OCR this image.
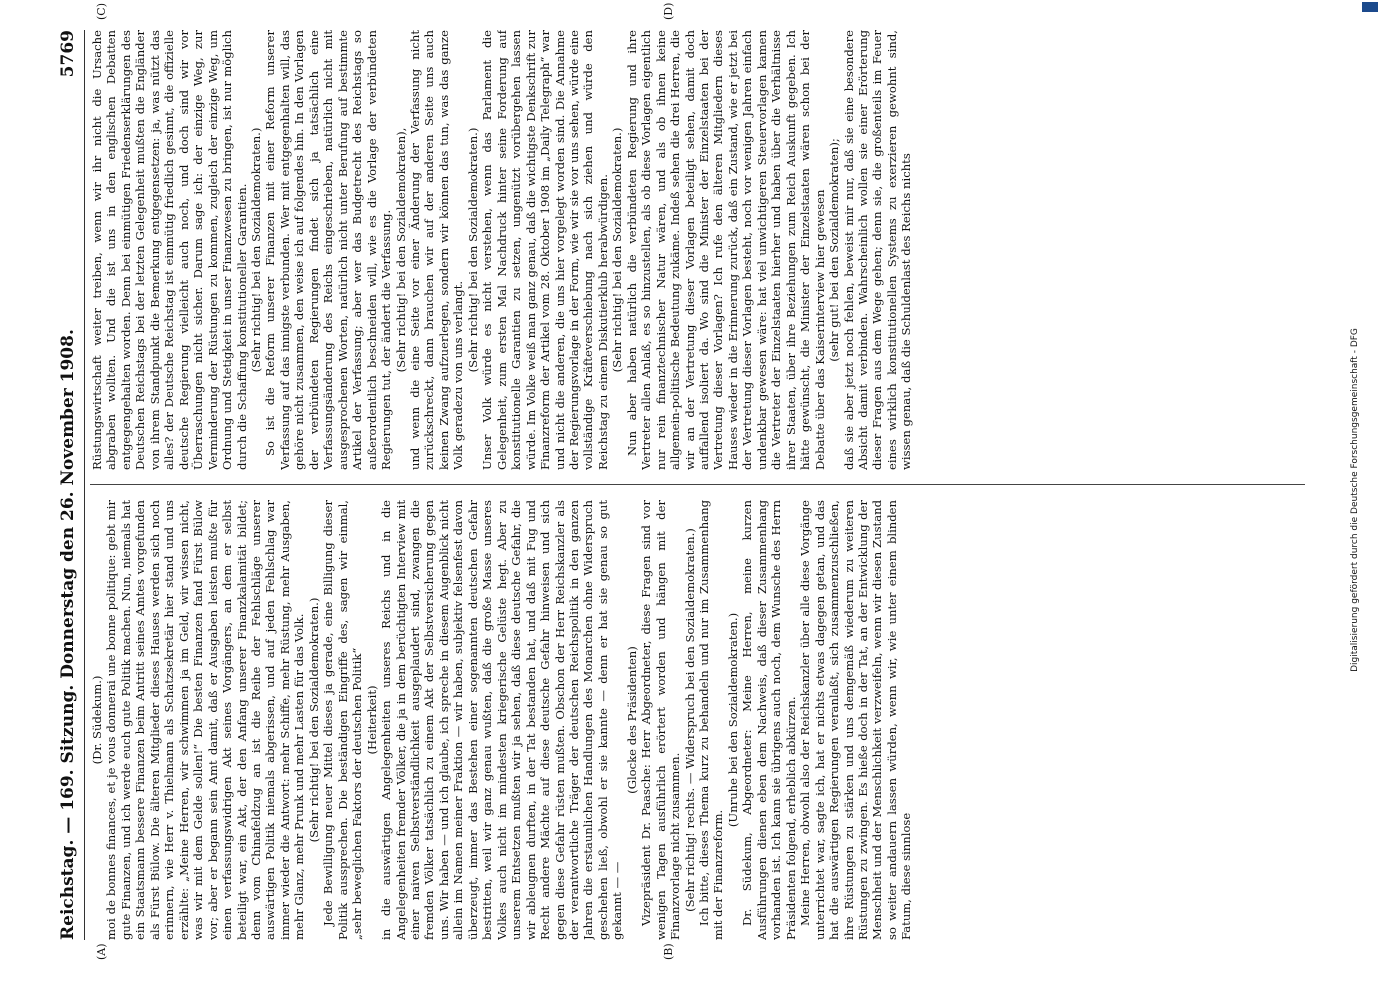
Reichstag. — 169. Sitzung. Donnerstag den 26. November 1908.
5769
(A)	(B)
(C)	(D)

(Dr. Südekum.) moi de bonnes finances, et je vous donnerai une bonne politique: gebt mir gute Finanzen, und ich werde euch gute Politik machen. Nun, niemals hat ein Staatsmann bessere Finanzen beim Antritt seines Amtes vorgefunden als Fürst Bülow. Die älteren Mitglieder dieses Hauses werden sich noch erinnern, wie Herr v. Thielmann als Schatzsekretär hier stand und uns erzählte: „Meine Herren, wir schwimmen ja im Geld, wir wissen nicht, was wir mit dem Gelde sollen!“ Die besten Finanzen fand Fürst Bülow vor; aber er begann sein Amt damit, daß er Ausgaben leisten mußte für einen verfassungswidrigen Akt seines Vorgängers, an dem er selbst beteiligt war, ein Akt, der den Anfang unserer Finanzkalamität bildet; denn vom Chinafeldzug an ist die Reihe der Fehlschläge unserer auswärtigen Politik niemals abgerissen, und auf jeden Fehlschlag war immer wieder die Antwort: mehr Schiffe, mehr Rüstung, mehr Ausgaben, mehr Glanz, mehr Prunk und mehr Lasten für das Volk. (Sehr richtig! bei den Sozialdemokraten.) Jede Bewilligung neuer Mittel dieses ja gerade, eine Billigung dieser Politik aussprechen. Die beständigen Eingriffe des, sagen wir einmal, „sehr beweglichen Faktors der deutschen Politik“ (Heiterkeit) in die auswärtigen Angelegenheiten unseres Reichs und in die Angelegenheiten fremder Völker, die ja in dem berüchtigten Interview mit einer naiven Selbstverständlichkeit ausgeplaudert sind, zwangen die fremden Völker tatsächlich zu einem Akt der Selbstversicherung gegen uns. Wir haben — und ich glaube, ich spreche in diesem Augenblick nicht allein im Namen meiner Fraktion — wir haben, subjektiv felsenfest davon überzeugt, immer das Bestehen einer sogenannten deutschen Gefahr bestritten, weil wir ganz genau wußten, daß die große Masse unseres Volkes auch nicht im mindesten kriegerische Gelüste hegt. Aber zu unserem Entsetzen mußten wir ja sehen, daß diese deutsche Gefahr, die wir ableugnen durften, in der Tat bestanden hat, und daß mit Fug und Recht andere Mächte auf diese deutsche Gefahr hinweisen und sich gegen diese Gefahr rüsten mußten. Obschon der Herr Reichskanzler als der verantwortliche Träger der deutschen Reichspolitik in den ganzen Jahren die erstaunlichen Handlungen des Monarchen ohne Widerspruch geschehen ließ, obwohl er sie kannte — denn er hat sie genau so gut gekannt — —

(Glocke des Präsidenten) Vizepräsident Dr. Paasche: Herr Abgeordneter, diese Fragen sind vor wenigen Tagen ausführlich erörtert worden und hängen mit der Finanzvorlage nicht zusammen. (Sehr richtig! rechts. — Widerspruch bei den Sozialdemokraten.) Ich bitte, dieses Thema kurz zu behandeln und nur im Zusammenhang mit der Finanzreform.

(Unruhe bei den Sozialdemokraten.) Dr. Südekum, Abgeordneter: Meine Herren, meine kurzen Ausführungen dienen eben dem Nachweis, daß dieser Zusammenhang vorhanden ist. Ich kann sie übrigens auch noch, dem Wunsche des Herrn Präsidenten folgend, erheblich abkürzen. Meine Herren, obwohl also der Reichskanzler über alle diese Vorgänge unterrichtet war, sagte ich, hat er nichts etwas dagegen getan, und das hat die auswärtigen Regierungen veranlaßt, sich zusammenzuschließen, ihre Rüstungen zu stärken und uns demgemäß wiederum zu weiteren Rüstungen zu zwingen. Es hieße doch in der Tat, an der Entwicklung der Menschheit und der Menschlichkeit verzweifeln, wenn wir diesen Zustand so weiter andauern lassen würden, wenn wir, wie unter einem blinden Fatum, diese sinnlose

Rüstungswirtschaft weiter treiben, wenn wir ihr nicht die Ursache abgraben wollten. Und die ist uns in den englischen Debatten entgegengehalten worden. Denn bei einmütigen Friedenserklärungen des Deutschen Reichstags bei der letzten Gelegenheit mußten die Engländer von ihrem Standpunkt die Bemerkung entgegensetzen: ja, was nützt das alles? der Deutsche Reichstag ist einmütig friedlich gesinnt, die offizielle deutsche Regierung vielleicht auch noch, und doch sind wir vor Überraschungen nicht sicher. Darum sage ich: der einzige Weg, zur Verminderung der Rüstungen zu kommen, zugleich der einzige Weg, um Ordnung und Stetigkeit in unser Finanzwesen zu bringen, ist nur möglich durch die Schaffung konstitutioneller Garantien. (Sehr richtig! bei den Sozialdemokraten.) So ist die Reform unserer Finanzen mit einer Reform unserer Verfassung auf das innigste verbunden. Wer mit entgegenhalten will, das gehöre nicht zusammen, den weise ich auf folgendes hin. In den Vorlagen der verbündeten Regierungen findet sich ja tatsächlich eine Verfassungsänderung des Reichs eingeschrieben, natürlich nicht mit ausgesprochenen Worten, natürlich nicht unter Berufung auf bestimmte Artikel der Verfassung; aber wer das Budgetrecht des Reichstags so außerordentlich beschneiden will, wie es die Vorlage der verbündeten Regierungen tut, der ändert die Verfassung. (Sehr richtig! bei den Sozialdemokraten), und wenn die eine Seite vor einer Änderung der Verfassung nicht zurückschreckt, dann brauchen wir auf der anderen Seite uns auch keinen Zwang aufzuerlegen, sondern wir können das tun, was das ganze Volk geradezu von uns verlangt.

(Sehr richtig! bei den Sozialdemokraten.) Unser Volk würde es nicht verstehen, wenn das Parlament die Gelegenheit, zum ersten Mal Nachdruck hinter seine Forderung auf konstitutionelle Garantien zu setzen, ungenützt vorübergehen lassen würde. Im Volke weiß man ganz genau, daß die wichtigste Denkschrift zur Finanzreform der Artikel vom 28. Oktober 1908 im „Daily Telegraph“ war und nicht die anderen, die uns hier vorgelegt worden sind. Die Annahme der Regierungsvorlage in der Form, wie wir sie vor uns sehen, würde eine vollständige Kräfteverschiebung nach sich ziehen und würde den Reichstag zu einem Diskutierklub herabwürdigen. (Sehr richtig! bei den Sozialdemokraten.) Nun aber haben natürlich die verbündeten Regierung und ihre Vertreter allen Anlaß, es so hinzustellen, als ob diese Vorlagen eigentlich nur rein finanztechnischer Natur wären, und als ob ihnen keine allgemein-politische Bedeutung zukäme. Indeß sehen die drei Herren, die wir an der Vertretung dieser Vorlagen beteiligt sehen, damit doch auffallend isoliert da. Wo sind die Minister der Einzelstaaten bei der Vertretung dieser Vorlagen? Ich rufe den älteren Mitgliedern dieses Hauses wieder in die Erinnerung zurück, daß ein Zustand, wie er jetzt bei der Vertretung dieser Vorlagen besteht, noch vor wenigen Jahren einfach undenkbar gewesen wäre: hat viel unwichtigeren Steuervorlagen kamen die Vertreter der Einzelstaaten hierher und haben über die Verhältnisse ihrer Staaten, über ihre Beziehungen zum Reich Auskunft gegeben. Ich hätte gewünscht, die Minister der Einzelstaaten wären schon bei der Debatte über das Kaiserinterview hier gewesen (sehr gut! bei den Sozialdemokraten); daß sie aber jetzt noch fehlen, beweist mir nur, daß sie eine besondere Absicht damit verbinden. Wahrscheinlich wollen sie einer Erörterung dieser Fragen aus dem Wege gehen; denn sie, die großenteils im Feuer eines wirklich konstitutionellen Systems zu exerzieren gewohnt sind, wissen genau, daß die Schuldenlast des Reichs nichts

Digitalisierung gefördert durch die Deutsche Forschungsgemeinschaft - DFG
